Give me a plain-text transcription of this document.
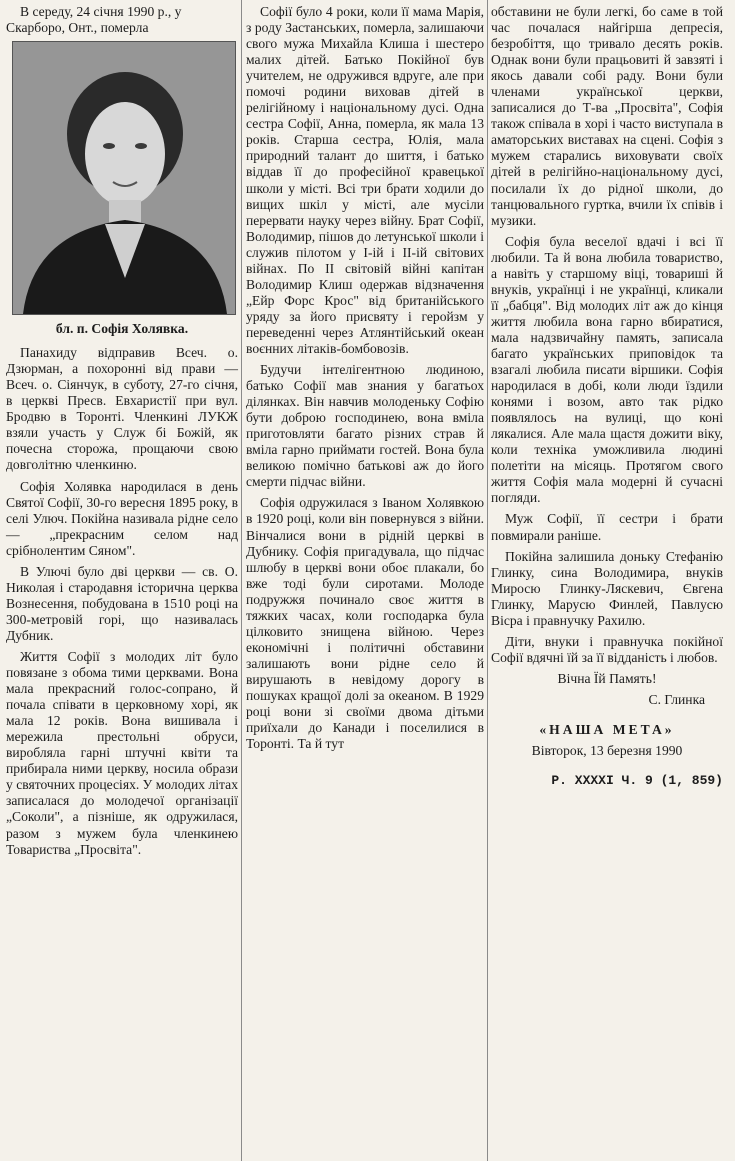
В середу, 24 січня 1990 р., у Скарборо, Онт., померла

бл. п. Софія Холявка.

Панахиду відправив Всеч. о. Дзюрман, а похоронні від прави — Всеч. о. Сіянчук, в суботу, 27-го січня, в церкві Пресв. Евхаристії при вул. Бродвю в Торонті. Членкині ЛУКЖ взяли участь у Служ бі Божій, як почесна сторожа, прощаючи свою довголітню членкиню.

Софія Холявка народилася в день Святої Софії, 30-го вересня 1895 року, в селі Улюч. Покійна називала рідне село — „прекрасним селом над срібнолентим Сяном".

В Улючі було дві церкви — св. О. Николая і стародавня історична церква Вознесення, побудована в 1510 році на 300-метровій горі, що називалась Дубник.

Життя Софії з молодих літ було повязане з обома тими церквами. Вона мала прекрасний голос-сопрано, й почала співати в церковному хорі, як мала 12 років. Вона вишивала і мережила престольні обруси, виробляла гарні штучні квіти та прибирала ними церкву, носила образи у святочних процесіях. У молодих літах записалася до молодечої організації „Соколи", а пізніше, як одружилася, разом з мужем була членкинею Товариства „Просвіта".

Софії було 4 роки, коли її мама Марія, з роду Застанських, померла, залишаючи свого мужа Михайла Клиша і шестеро малих дітей. Батько Покійної був учителем, не одружився вдруге, але при помочі родини виховав дітей в релігійному і національному дусі. Одна сестра Софії, Анна, померла, як мала 13 років. Старша сестра, Юлія, мала природний талант до шиття, і батько віддав її до професійної кравецької школи у місті. Всі три брати ходили до вищих шкіл у місті, але мусіли перервати науку через війну. Брат Софії, Володимир, пішов до летунської школи і служив пілотом у І-ій і ІІ-ій світових війнах. По ІІ світовій війні капітан Володимир Клиш одержав відзначення „Ейр Форс Крос" від британійського уряду за його присвяту і геройзм у переведенні через Атлянтійський океан воєнних літаків-бомбовозів.

Будучи інтелігентною людиною, батько Софії мав знания у багатьох ділянках. Він навчив молоденьку Софію бути доброю господинею, вона вміла приготовляти багато різних страв й вміла гарно приймати гостей. Вона була великою помічно батькові аж до його смерти підчас війни.

Софія одружилася з Іваном Холявкою в 1920 році, коли він повернувся з війни. Вінчалися вони в рідній церкві в Дубнику. Софія пригадувала, що підчас шлюбу в церкві вони обоє плакали, бо вже тоді були сиротами. Молоде подружжя починало своє життя в тяжких часах, коли господарка була цілковито знищена війною. Через економічні і політичні обставини залишають вони рідне село й вирушають в невідому дорогу в пошуках кращої долі за океаном. В 1929 році вони зі своїми двома дітьми приїхали до Канади і поселилися в Торонті. Та й тут

обставини не були легкі, бо саме в той час почалася найгірша депресія, безробіття, що тривало десять років. Однак вони були працьовиті й завзяті і якось давали собі раду. Вони були членами української церкви, записалися до Т-ва „Просвіта", Софія також співала в хорі і часто виступала в аматорських виставах на сцені. Софія з мужем старались виховувати своїх дітей в релігійно-національному дусі, посилали їх до рідної школи, до танцювального гуртка, вчили їх співів і музики.

Софія була веселої вдачі і всі її любили. Та й вона любила товариство, а навіть у старшому віці, товариші й внуків, українці і не українці, кликали її „бабця". Від молодих літ аж до кінця життя любила вона гарно вбиратися, мала надзвичайну память, записала багато українських приповідок та взагалі любила писати віршики. Софія народилася в добі, коли люди їздили конями і возом, авто так рідко появлялось на вулиці, що коні лякалися. Але мала щастя дожити віку, коли техніка уможливила людині полетіти на місяць. Протягом свого життя Софія мала модерні й сучасні погляди.

Муж Софії, її сестри і брати повмирали раніше.

Покійна залишила доньку Стефанію Глинку, сина Володимира, внуків Миросю Глинку-Ляскевич, Євгена Глинку, Марусю Финлей, Павлусю Вісра і правнучку Рахилю.

Діти, внуки і правнучка покійної Софії вдячні їй за її відданість і любов.

Вічна Їй Память!

С. Глинка

«НАША МЕТА»

Вівторок, 13 березня 1990

Р. XXXXI Ч. 9 (1, 859)
